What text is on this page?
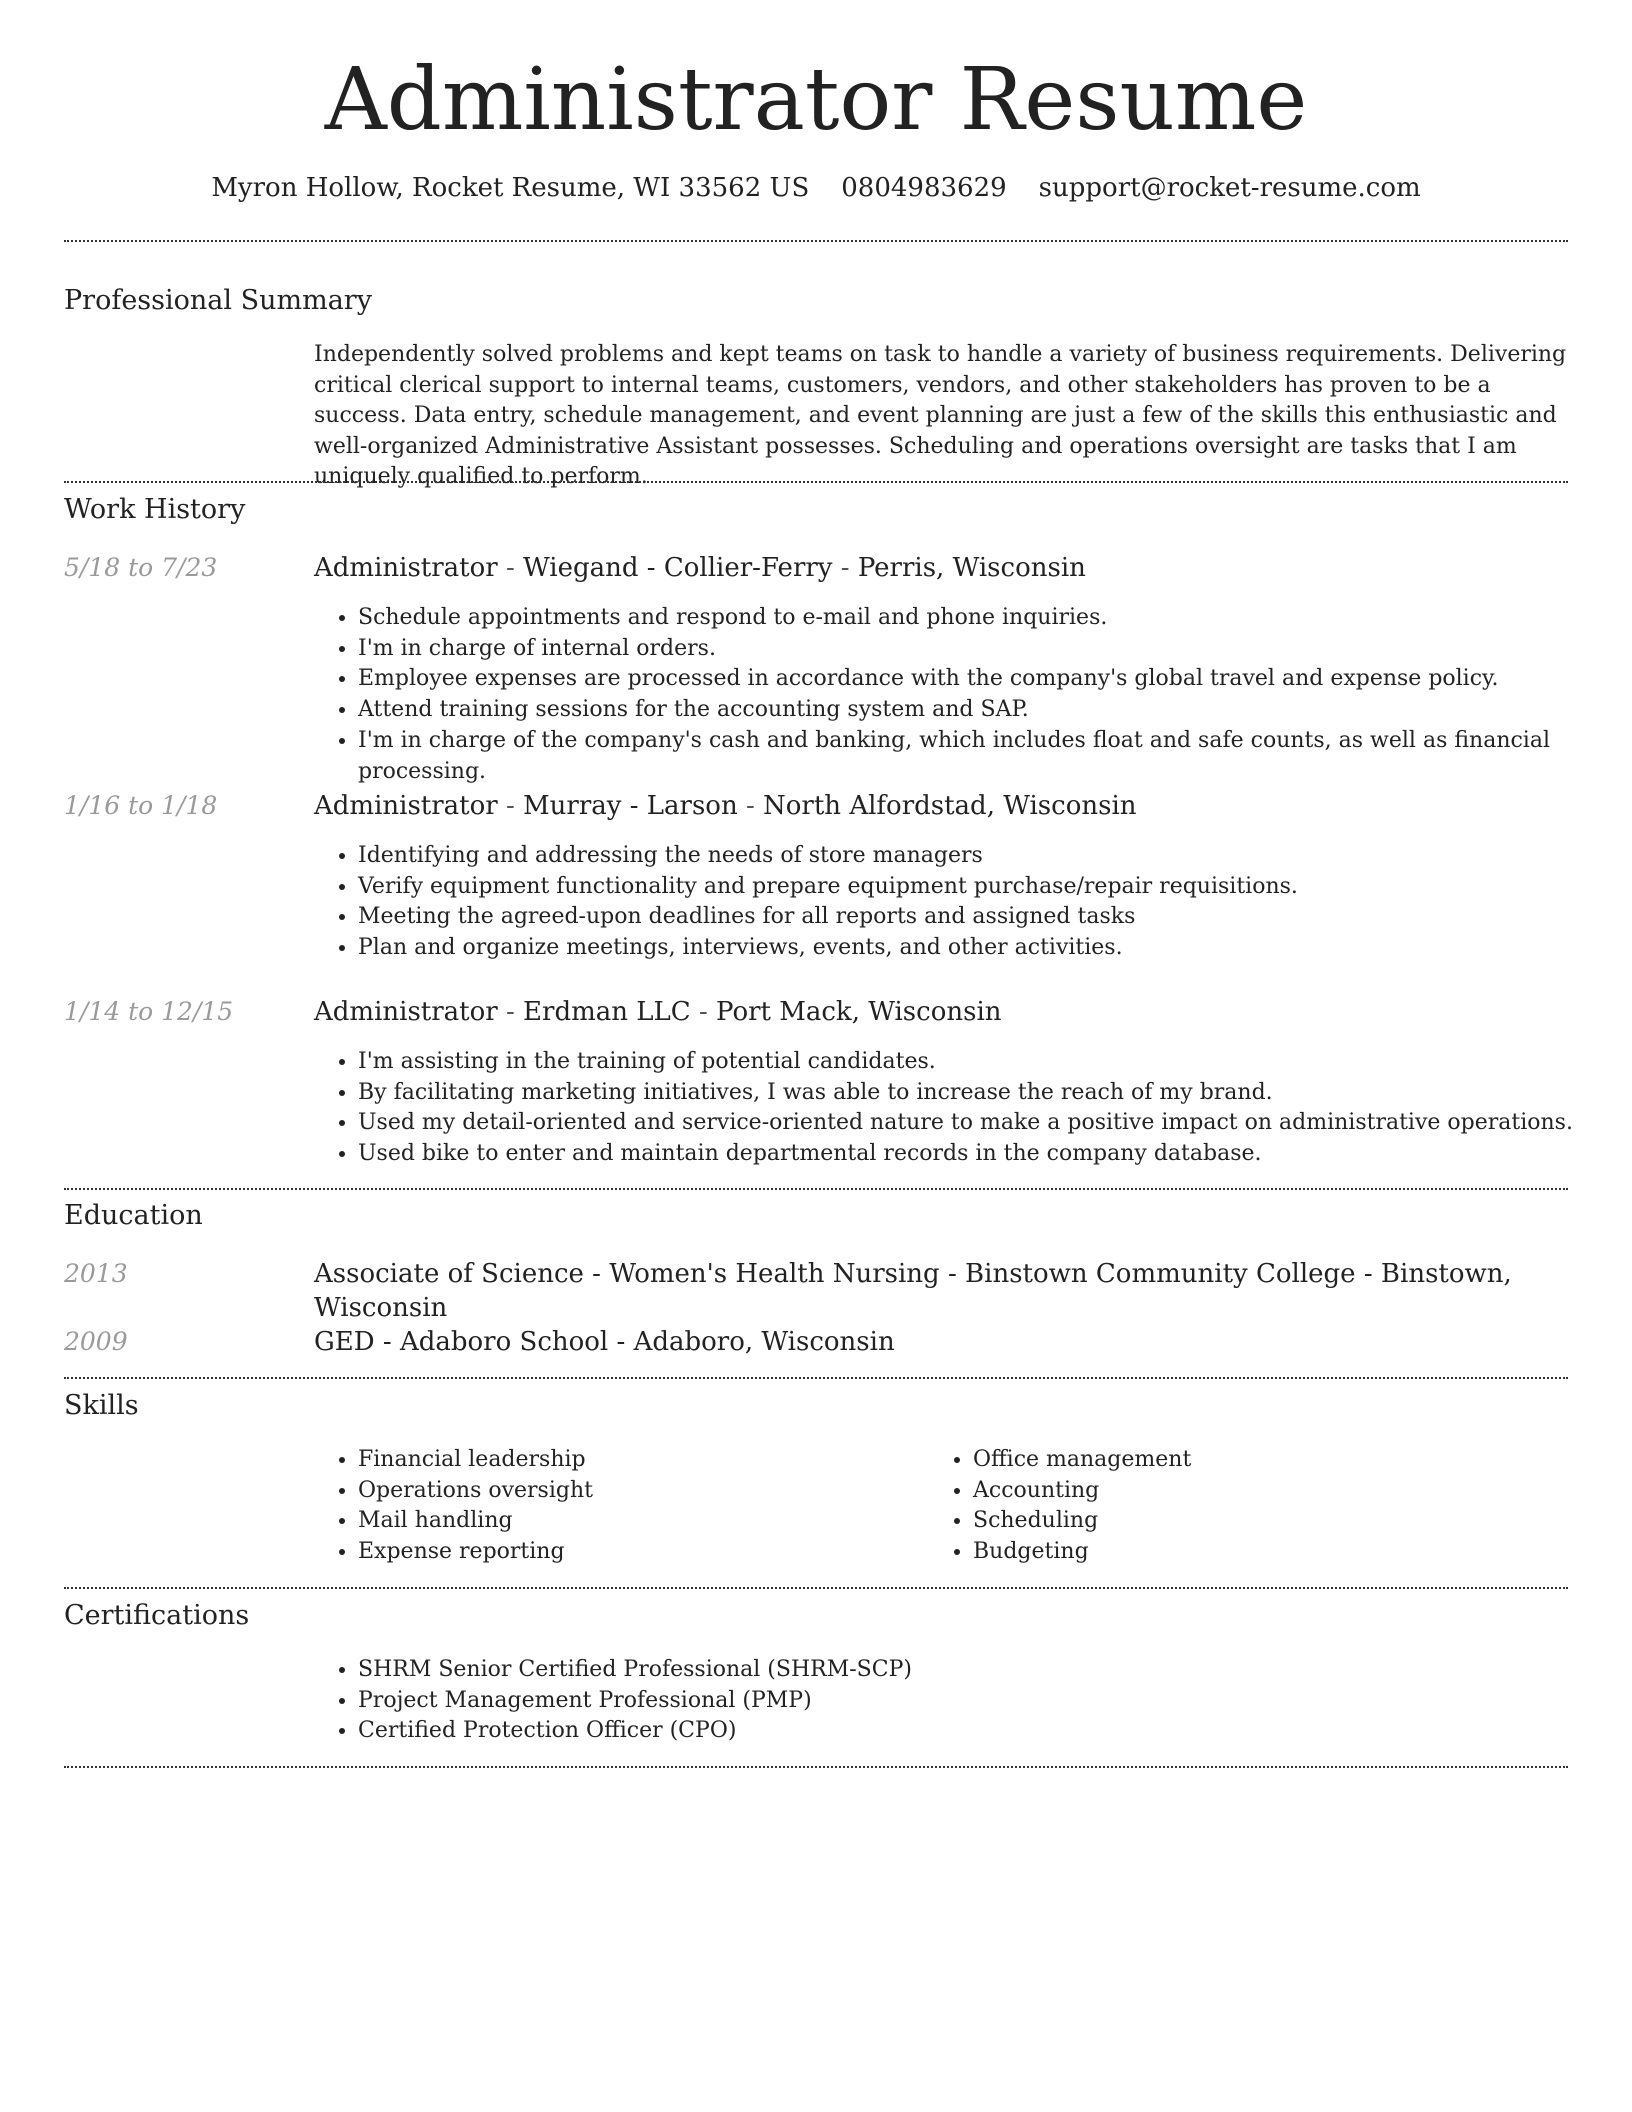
Administrator Resume
Myron Hollow, Rocket Resume, WI 33562 US 0804983629 support@rocket-resume.com
Professional Summary

Independently solved problems and kept teams on task to handle a variety of business requirements. Delivering critical clerical support to internal teams, customers, vendors, and other stakeholders has proven to be a success. Data entry, schedule management, and event planning are just a few of the skills this enthusiastic and well-organized Administrative Assistant possesses. Scheduling and operations oversight are tasks that I am uniquely qualified to perform.

Work History
5/18 to 7/23	Administrator - Wiegand - Collier-Ferry - Perris, Wisconsin
• Schedule appointments and respond to e-mail and phone inquiries.
• I'm in charge of internal orders.
• Employee expenses are processed in accordance with the company's global travel and expense policy.
• Attend training sessions for the accounting system and SAP.
• I'm in charge of the company's cash and banking, which includes float and safe counts, as well as financial processing.
1/16 to 1/18	Administrator - Murray - Larson - North Alfordstad, Wisconsin
• Identifying and addressing the needs of store managers
• Verify equipment functionality and prepare equipment purchase/repair requisitions.
• Meeting the agreed-upon deadlines for all reports and assigned tasks
• Plan and organize meetings, interviews, events, and other activities.
1/14 to 12/15	Administrator - Erdman LLC - Port Mack, Wisconsin
• I'm assisting in the training of potential candidates.
• By facilitating marketing initiatives, I was able to increase the reach of my brand.
• Used my detail-oriented and service-oriented nature to make a positive impact on administrative operations.
• Used bike to enter and maintain departmental records in the company database.
Education
2013	Associate of Science - Women's Health Nursing - Binstown Community College - Binstown, Wisconsin
2009	GED - Adaboro School - Adaboro, Wisconsin
Skills
• Financial leadership
• Operations oversight
• Mail handling
• Expense reporting
• Office management
• Accounting
• Scheduling
• Budgeting
Certifications
• SHRM Senior Certified Professional (SHRM-SCP)
• Project Management Professional (PMP)
• Certified Protection Officer (CPO)
